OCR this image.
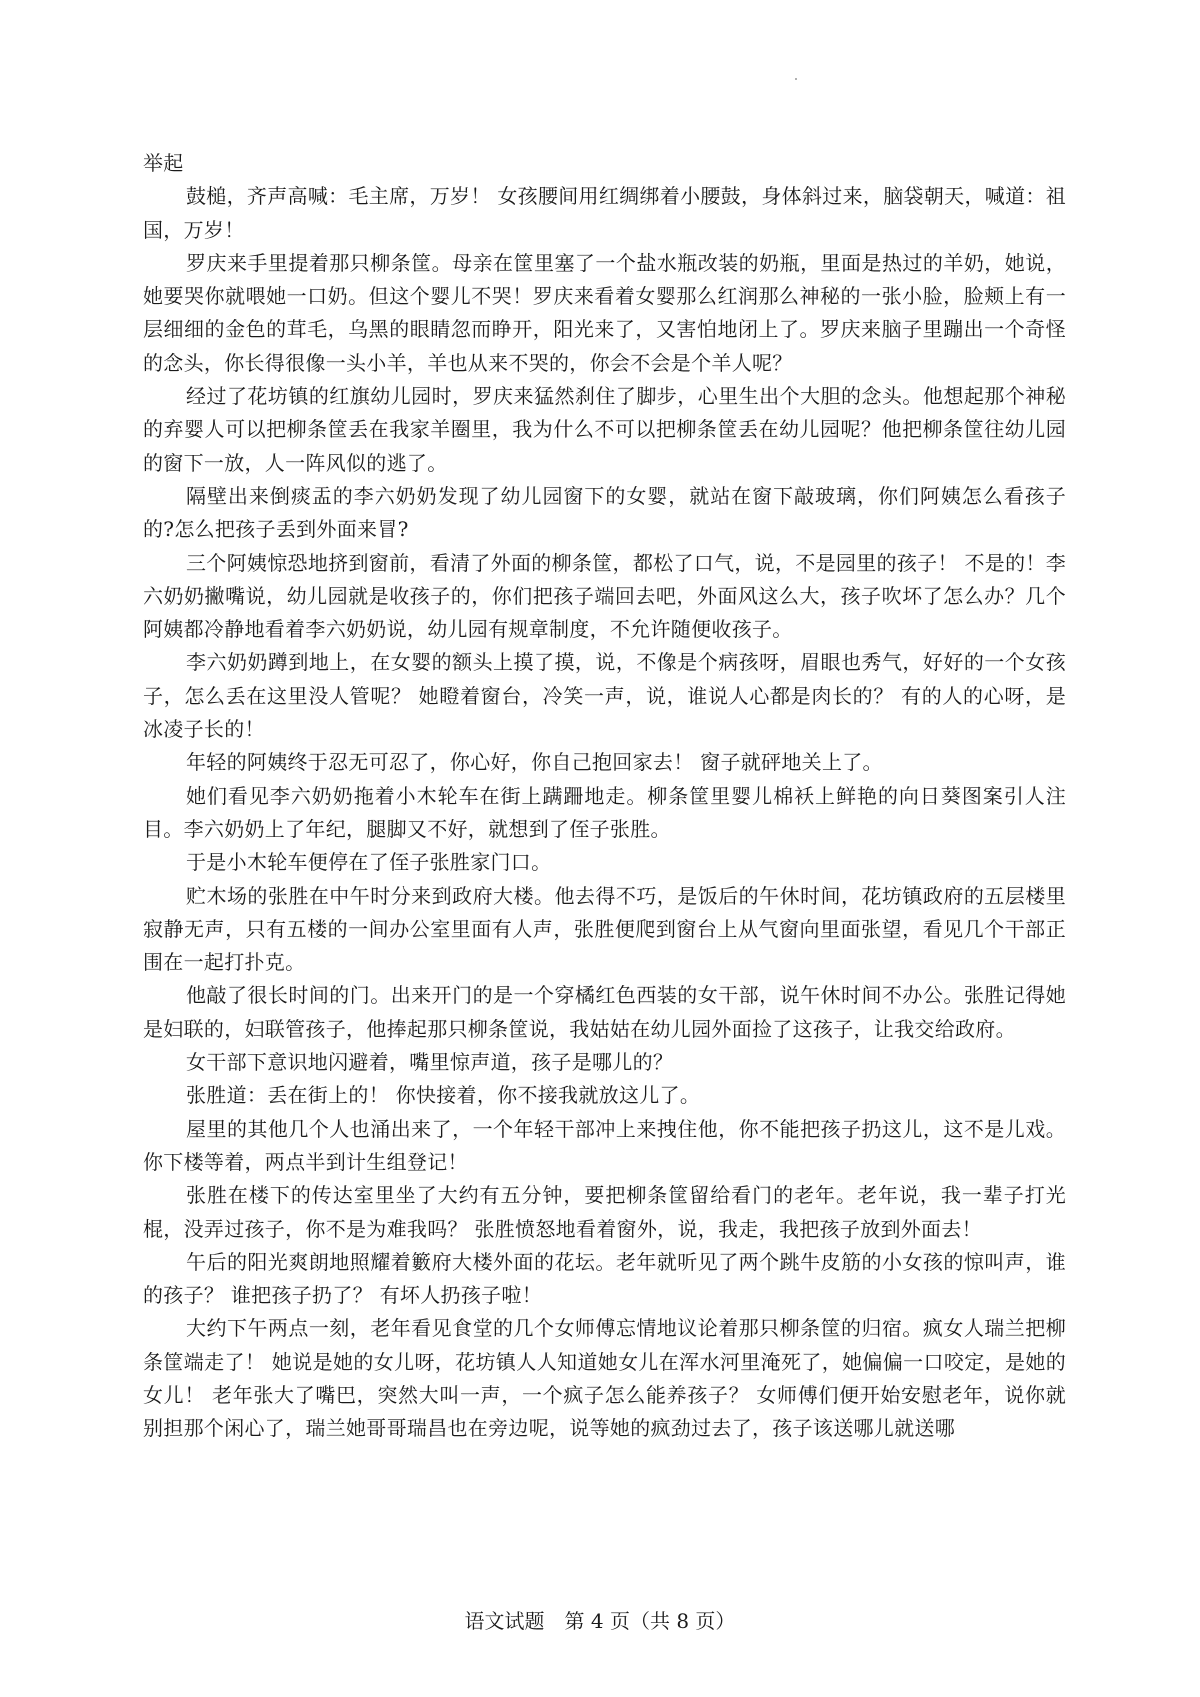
举起

鼓槌，齐声高喊：毛主席，万岁！ 女孩腰间用红绸绑着小腰鼓，身体斜过来，脑袋朝天，喊道：祖国，万岁！

罗庆来手里提着那只柳条筐。母亲在筐里塞了一个盐水瓶改装的奶瓶，里面是热过的羊奶，她说，她要哭你就喂她一口奶。但这个婴儿不哭！罗庆来看着女婴那么红润那么神秘的一张小脸，脸颊上有一层细细的金色的茸毛，乌黑的眼睛忽而睁开，阳光来了，又害怕地闭上了。罗庆来脑子里蹦出一个奇怪的念头，你长得很像一头小羊，羊也从来不哭的，你会不会是个羊人呢？

经过了花坊镇的红旗幼儿园时，罗庆来猛然刹住了脚步，心里生出个大胆的念头。他想起那个神秘的弃婴人可以把柳条筐丢在我家羊圈里，我为什么不可以把柳条筐丢在幼儿园呢？他把柳条筐往幼儿园的窗下一放，人一阵风似的逃了。

隔壁出来倒痰盂的李六奶奶发现了幼儿园窗下的女婴，就站在窗下敲玻璃，你们阿姨怎么看孩子的?怎么把孩子丢到外面来冒?

三个阿姨惊恐地挤到窗前，看清了外面的柳条筐，都松了口气，说，不是园里的孩子！ 不是的！李六奶奶撇嘴说，幼儿园就是收孩子的，你们把孩子端回去吧，外面风这么大，孩子吹坏了怎么办？几个阿姨都冷静地看着李六奶奶说，幼儿园有规章制度，不允许随便收孩子。

李六奶奶蹲到地上，在女婴的额头上摸了摸，说，不像是个病孩呀，眉眼也秀气，好好的一个女孩子，怎么丢在这里没人管呢？ 她瞪着窗台，冷笑一声，说，谁说人心都是肉长的？ 有的人的心呀，是冰凌子长的！

年轻的阿姨终于忍无可忍了，你心好，你自己抱回家去！ 窗子就砰地关上了。

她们看见李六奶奶拖着小木轮车在街上蹒跚地走。柳条筐里婴儿棉袄上鲜艳的向日葵图案引人注目。李六奶奶上了年纪，腿脚又不好，就想到了侄子张胜。

于是小木轮车便停在了侄子张胜家门口。

贮木场的张胜在中午时分来到政府大楼。他去得不巧，是饭后的午休时间，花坊镇政府的五层楼里寂静无声，只有五楼的一间办公室里面有人声，张胜便爬到窗台上从气窗向里面张望，看见几个干部正围在一起打扑克。

他敲了很长时间的门。出来开门的是一个穿橘红色西装的女干部，说午休时间不办公。张胜记得她是妇联的，妇联管孩子，他捧起那只柳条筐说，我姑姑在幼儿园外面捡了这孩子，让我交给政府。

女干部下意识地闪避着，嘴里惊声道，孩子是哪儿的？

张胜道：丢在街上的！ 你快接着，你不接我就放这儿了。

屋里的其他几个人也涌出来了，一个年轻干部冲上来拽住他，你不能把孩子扔这儿，这不是儿戏。你下楼等着，两点半到计生组登记！

张胜在楼下的传达室里坐了大约有五分钟，要把柳条筐留给看门的老年。老年说，我一辈子打光棍，没弄过孩子，你不是为难我吗？ 张胜愤怒地看着窗外，说，我走，我把孩子放到外面去！

午后的阳光爽朗地照耀着籔府大楼外面的花坛。老年就听见了两个跳牛皮筋的小女孩的惊叫声，谁的孩子？ 谁把孩子扔了？ 有坏人扔孩子啦！

大约下午两点一刻，老年看见食堂的几个女师傅忘情地议论着那只柳条筐的归宿。疯女人瑞兰把柳条筐端走了！ 她说是她的女儿呀，花坊镇人人知道她女儿在浑水河里淹死了，她偏偏一口咬定，是她的女儿！ 老年张大了嘴巴，突然大叫一声，一个疯子怎么能养孩子？ 女师傅们便开始安慰老年，说你就别担那个闲心了，瑞兰她哥哥瑞昌也在旁边呢，说等她的疯劲过去了，孩子该送哪儿就送哪

语文试题　第 4 页（共 8 页）
